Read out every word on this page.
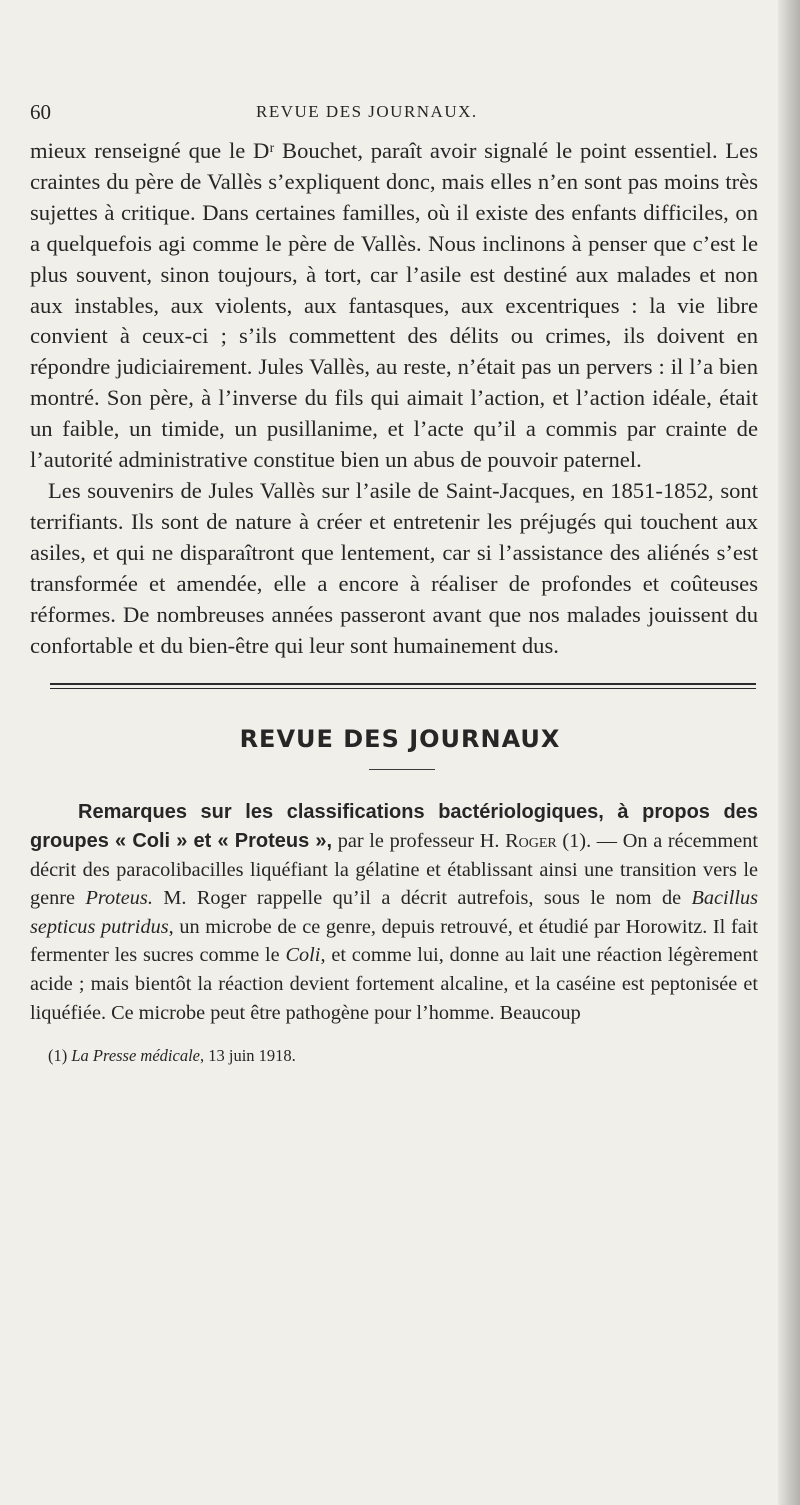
60	REVUE DES JOURNAUX.

mieux renseigné que le Dʳ Bouchet, paraît avoir signalé le point essentiel. Les craintes du père de Vallès s’expliquent donc, mais elles n’en sont pas moins très sujettes à critique. Dans certaines familles, où il existe des enfants difficiles, on a quelquefois agi comme le père de Vallès. Nous inclinons à penser que c’est le plus souvent, sinon toujours, à tort, car l’asile est destiné aux malades et non aux instables, aux violents, aux fantasques, aux excentriques : la vie libre convient à ceux-ci ; s’ils commettent des délits ou crimes, ils doivent en répondre judiciairement. Jules Vallès, au reste, n’était pas un pervers : il l’a bien montré. Son père, à l’inverse du fils qui aimait l’action, et l’action idéale, était un faible, un timide, un pusillanime, et l’acte qu’il a commis par crainte de l’autorité administrative constitue bien un abus de pouvoir paternel.

Les souvenirs de Jules Vallès sur l’asile de Saint-Jacques, en 1851-1852, sont terrifiants. Ils sont de nature à créer et entretenir les préjugés qui touchent aux asiles, et qui ne disparaîtront que lentement, car si l’assistance des aliénés s’est transformée et amendée, elle a encore à réaliser de profondes et coûteuses réformes. De nombreuses années passeront avant que nos malades jouissent du confortable et du bien-être qui leur sont humainement dus.

REVUE DES JOURNAUX

Remarques sur les classifications bactériologiques, à propos des groupes « Coli » et « Proteus », par le professeur H. Roger (1). — On a récemment décrit des paracolibacilles liquéfiant la gélatine et établissant ainsi une transition vers le genre Proteus. M. Roger rappelle qu’il a décrit autrefois, sous le nom de Bacillus septicus putridus, un microbe de ce genre, depuis retrouvé, et étudié par Horowitz. Il fait fermenter les sucres comme le Coli, et comme lui, donne au lait une réaction légèrement acide ; mais bientôt la réaction devient fortement alcaline, et la caséine est peptonisée et liquéfiée. Ce microbe peut être pathogène pour l’homme. Beaucoup

(1) La Presse médicale, 13 juin 1918.
